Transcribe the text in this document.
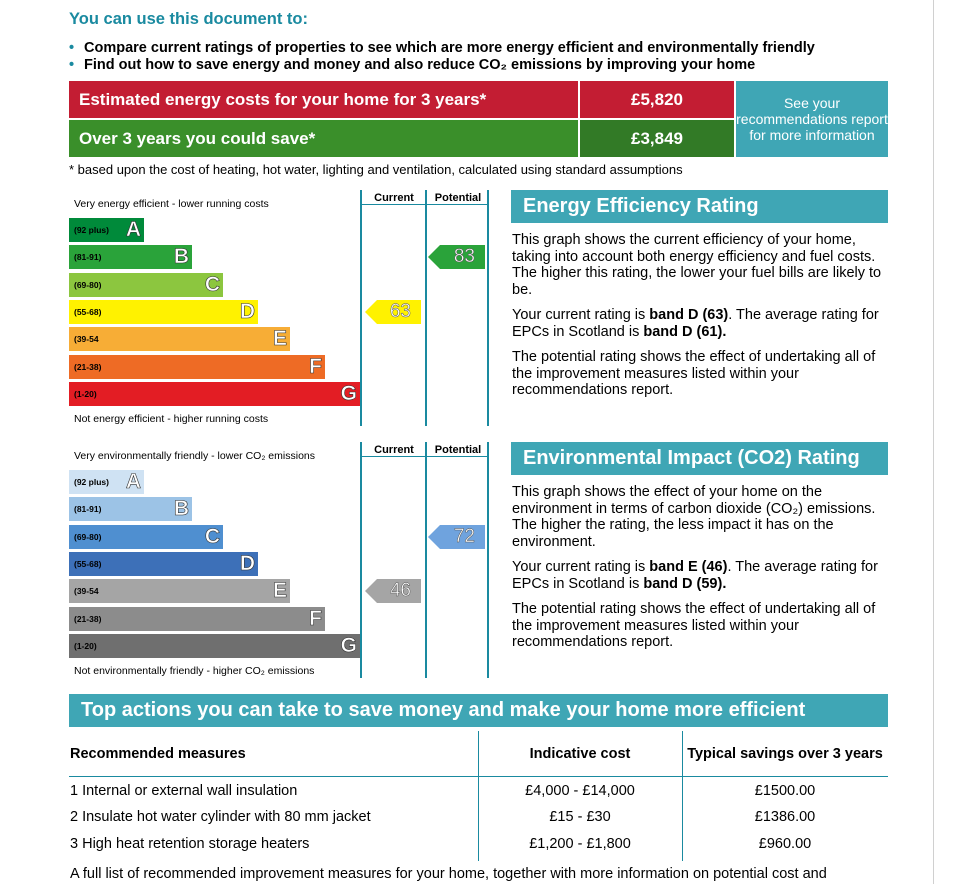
You can use this document to:
• Compare current ratings of properties to see which are more energy efficient and environmentally friendly
• Find out how to save energy and money and also reduce CO₂ emissions by improving your home
Estimated energy costs for your home for 3 years*	£5,820
Over 3 years you could save*	£3,849
See your recommendations report for more information
* based upon the cost of heating, hot water, lighting and ventilation, calculated using standard assumptions
Very energy efficient - lower running costs
Not energy efficient - higher running costs
Current	Potential
(92 plus) A
(81-91)	B
(69-80)	C
(55-68)	D
(39-54	E
(21-38)	F
(1-20)	G
63
83
Energy Efficiency Rating

This graph shows the current efficiency of your home, taking into account both energy efficiency and fuel costs. The higher this rating, the lower your fuel bills are likely to be.

Your current rating is band D (63). The average rating for EPCs in Scotland is band D (61).

The potential rating shows the effect of undertaking all of the improvement measures listed within your recommendations report.

Very environmentally friendly - lower CO₂ emissions
Not environmentally friendly - higher CO₂ emissions
Current	Potential
(92 plus) A
(81-91)	B
(69-80)	C
(55-68)	D
(39-54	E
(21-38)	F
(1-20)	G
46
72
Environmental Impact (CO2) Rating

This graph shows the effect of your home on the environment in terms of carbon dioxide (CO₂) emissions. The higher the rating, the less impact it has on the environment.

Your current rating is band E (46). The average rating for EPCs in Scotland is band D (59).

The potential rating shows the effect of undertaking all of the improvement measures listed within your recommendations report.

Top actions you can take to save money and make your home more efficient
Recommended measures	Indicative cost	Typical savings over 3 years
1 Internal or external wall insulation	£4,000 - £14,000	£1500.00
2 Insulate hot water cylinder with 80 mm jacket	£15 - £30	£1386.00
3 High heat retention storage heaters	£1,200 - £1,800	£960.00
A full list of recommended improvement measures for your home, together with more information on potential cost and
